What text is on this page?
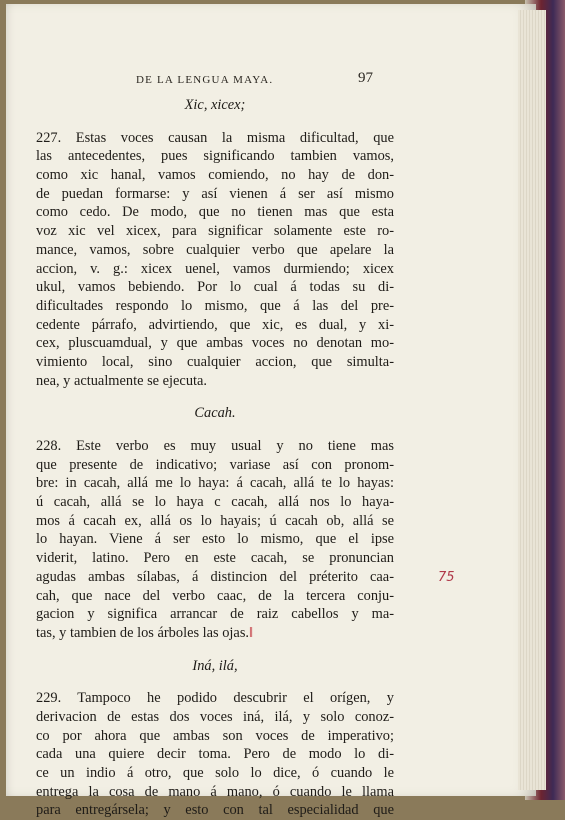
DE LA LENGUA MAYA.	97
Xic, xicex;
227. Estas voces causan la misma dificultad, que
las antecedentes, pues significando tambien vamos,
como xic hanal, vamos comiendo, no hay de don-
de puedan formarse: y así vienen á ser así mismo
como cedo. De modo, que no tienen mas que esta
voz xic vel xicex, para significar solamente este ro-
mance, vamos, sobre cualquier verbo que apelare la
accion, v. g.: xicex uenel, vamos durmiendo; xicex
ukul, vamos bebiendo. Por lo cual á todas su di-
dificultades respondo lo mismo, que á las del pre-
cedente párrafo, advirtiendo, que xic, es dual, y xi-
cex, pluscuamdual, y que ambas voces no denotan mo-
vimiento local, sino cualquier accion, que simulta-
nea, y actualmente se ejecuta.
Cacah.
228. Este verbo es muy usual y no tiene mas
que presente de indicativo; variase así con pronom-
bre: in cacah, allá me lo haya: á cacah, allá te lo hayas:
ú cacah, allá se lo haya c cacah, allá nos lo haya-
mos á cacah ex, allá os lo hayais; ú cacah ob, allá se
lo hayan. Viene á ser esto lo mismo, que el ipse
viderit, latino. Pero en este cacah, se pronuncian
agudas ambas sílabas, á distincion del préterito caa-
cah, que nace del verbo caac, de la tercera conju-
gacion y significa arrancar de raiz cabellos y ma-
tas, y tambien de los árboles las ojas.‖

Iná, ilá,
229. Tampoco he podido descubrir el orígen, y
derivacion de estas dos voces iná, ilá, y solo conoz-
co por ahora que ambas son voces de imperativo;
cada una quiere decir toma. Pero de modo lo di-
ce un indio á otro, que solo lo dice, ó cuando le
entrega la cosa de mano á mano, ó cuando le llama
para entregársela; y esto con tal especialidad que
75
